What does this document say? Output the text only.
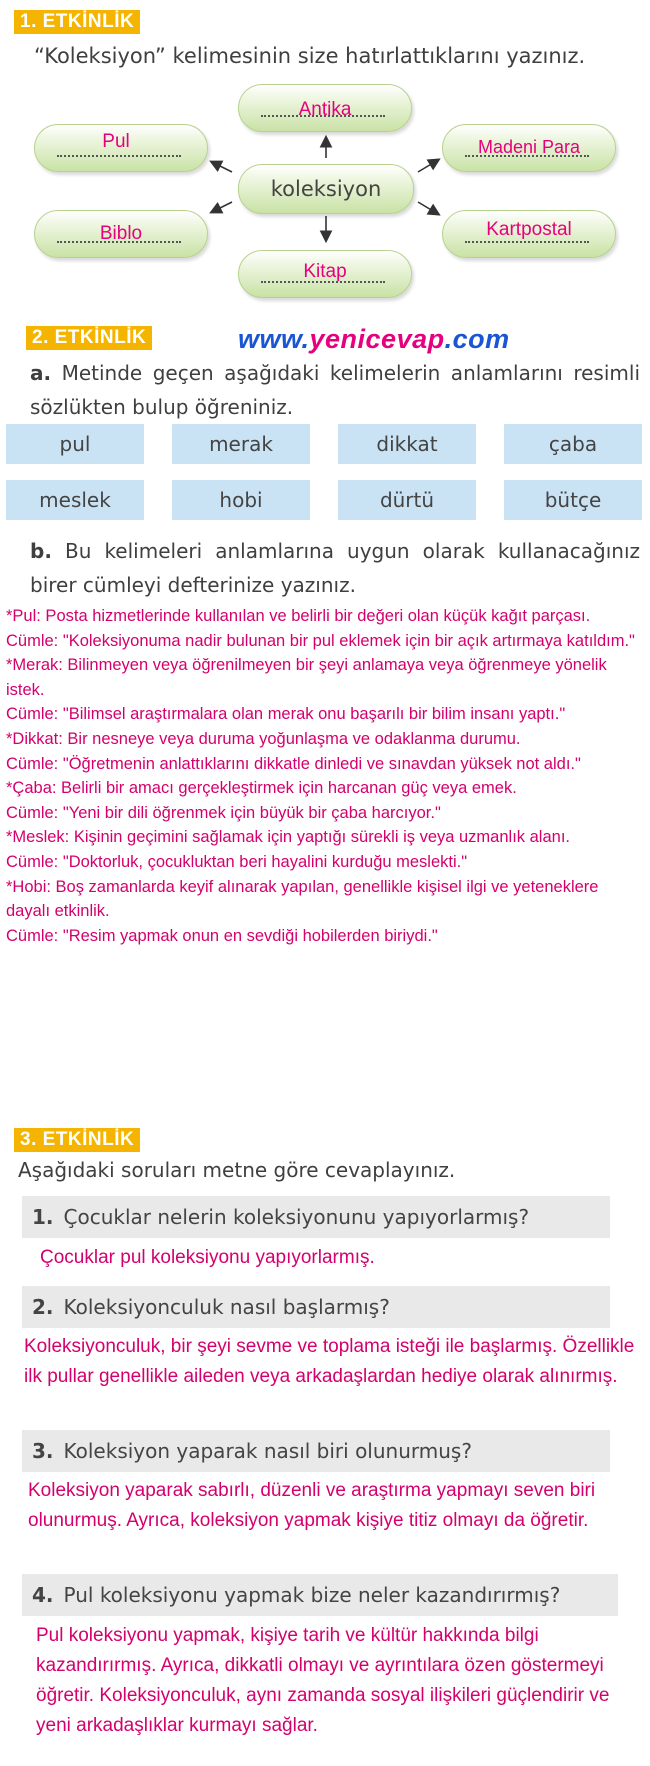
1. ETKİNLİK
“Koleksiyon” kelimesinin size hatırlattıklarını yazınız.
Antika
Pul	Madeni Para
koleksiyon
Biblo	Kartpostal
Kitap
2. ETKİNLİK	www.yenicevap.com
a. Metinde geçen aşağıdaki kelimelerin anlamlarını resimli sözlükten bulup öğreniniz.
pul	merak	dikkat	çaba
meslek	hobi	dürtü	bütçe
b. Bu kelimeleri anlamlarına uygun olarak kullanacağınız birer cümleyi defterinize yazınız.
*Pul: Posta hizmetlerinde kullanılan ve belirli bir değeri olan küçük kağıt parçası.
Cümle: "Koleksiyonuma nadir bulunan bir pul eklemek için bir açık artırmaya katıldım."
*Merak: Bilinmeyen veya öğrenilmeyen bir şeyi anlamaya veya öğrenmeye yönelik istek.
Cümle: "Bilimsel araştırmalara olan merak onu başarılı bir bilim insanı yaptı."
*Dikkat: Bir nesneye veya duruma yoğunlaşma ve odaklanma durumu.
Cümle: "Öğretmenin anlattıklarını dikkatle dinledi ve sınavdan yüksek not aldı."
*Çaba: Belirli bir amacı gerçekleştirmek için harcanan güç veya emek.
Cümle: "Yeni bir dili öğrenmek için büyük bir çaba harcıyor."
*Meslek: Kişinin geçimini sağlamak için yaptığı sürekli iş veya uzmanlık alanı.
Cümle: "Doktorluk, çocukluktan beri hayalini kurduğu meslekti."
*Hobi: Boş zamanlarda keyif alınarak yapılan, genellikle kişisel ilgi ve yeteneklere dayalı etkinlik.
Cümle: "Resim yapmak onun en sevdiği hobilerden biriydi."
3. ETKİNLİK
Aşağıdaki soruları metne göre cevaplayınız.
1. Çocuklar nelerin koleksiyonunu yapıyorlarmış?
Çocuklar pul koleksiyonu yapıyorlarmış.
2. Koleksiyonculuk nasıl başlarmış?
Koleksiyonculuk, bir şeyi sevme ve toplama isteği ile başlarmış. Özellikle ilk pullar genellikle aileden veya arkadaşlardan hediye olarak alınırmış.
3. Koleksiyon yaparak nasıl biri olunurmuş?
Koleksiyon yaparak sabırlı, düzenli ve araştırma yapmayı seven biri olunurmuş. Ayrıca, koleksiyon yapmak kişiye titiz olmayı da öğretir.
4. Pul koleksiyonu yapmak bize neler kazandırırmış?
Pul koleksiyonu yapmak, kişiye tarih ve kültür hakkında bilgi kazandırırmış. Ayrıca, dikkatli olmayı ve ayrıntılara özen göstermeyi öğretir. Koleksiyonculuk, aynı zamanda sosyal ilişkileri güçlendirir ve yeni arkadaşlıklar kurmayı sağlar.
